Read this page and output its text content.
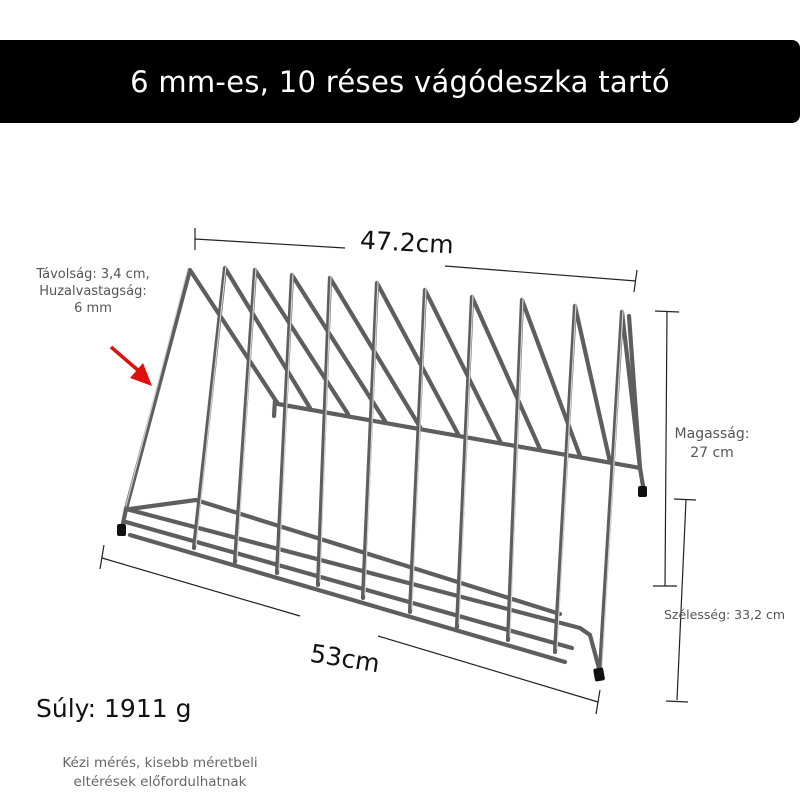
6 mm-es, 10 réses vágódeszka tartó
Távolság: 3,4 cm,
Huzalvastagság:
6 mm
Magasság:
27 cm
Szélesség: 33,2 cm
47.2cm
53cm
Súly: 1911 g
Kézi mérés, kisebb méretbeli
eltérések előfordulhatnak
